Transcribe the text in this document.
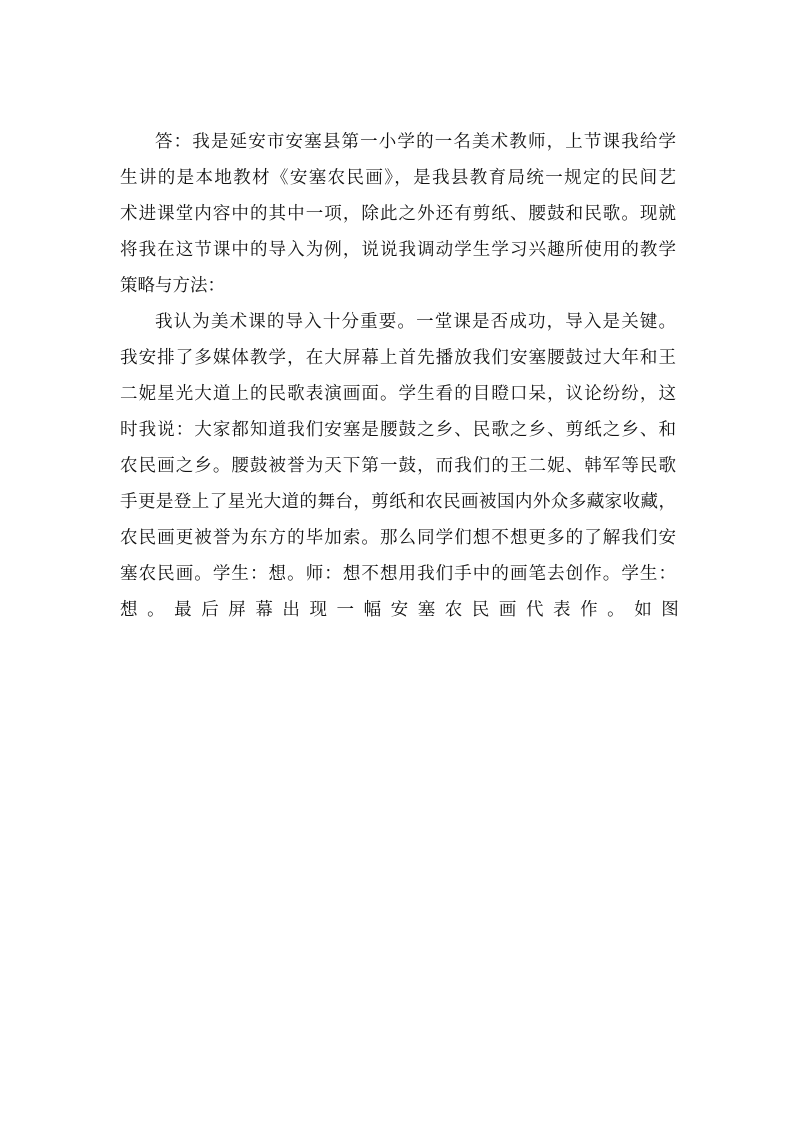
答：我是延安市安塞县第一小学的一名美术教师，上节课我给学
生讲的是本地教材《安塞农民画》，是我县教育局统一规定的民间艺
术进课堂内容中的其中一项，除此之外还有剪纸、腰鼓和民歌。现就
将我在这节课中的导入为例，说说我调动学生学习兴趣所使用的教学
策略与方法：
我认为美术课的导入十分重要。一堂课是否成功，导入是关键。
我安排了多媒体教学，在大屏幕上首先播放我们安塞腰鼓过大年和王
二妮星光大道上的民歌表演画面。学生看的目瞪口呆，议论纷纷，这
时我说：大家都知道我们安塞是腰鼓之乡、民歌之乡、剪纸之乡、和
农民画之乡。腰鼓被誉为天下第一鼓，而我们的王二妮、韩军等民歌
手更是登上了星光大道的舞台，剪纸和农民画被国内外众多藏家收藏，
农民画更被誉为东方的毕加索。那么同学们想不想更多的了解我们安
塞农民画。学生：想。师：想不想用我们手中的画笔去创作。学生：
想 。 最 后 屏 幕 出 现 一 幅 安 塞 农 民 画 代 表 作 。 如 图
